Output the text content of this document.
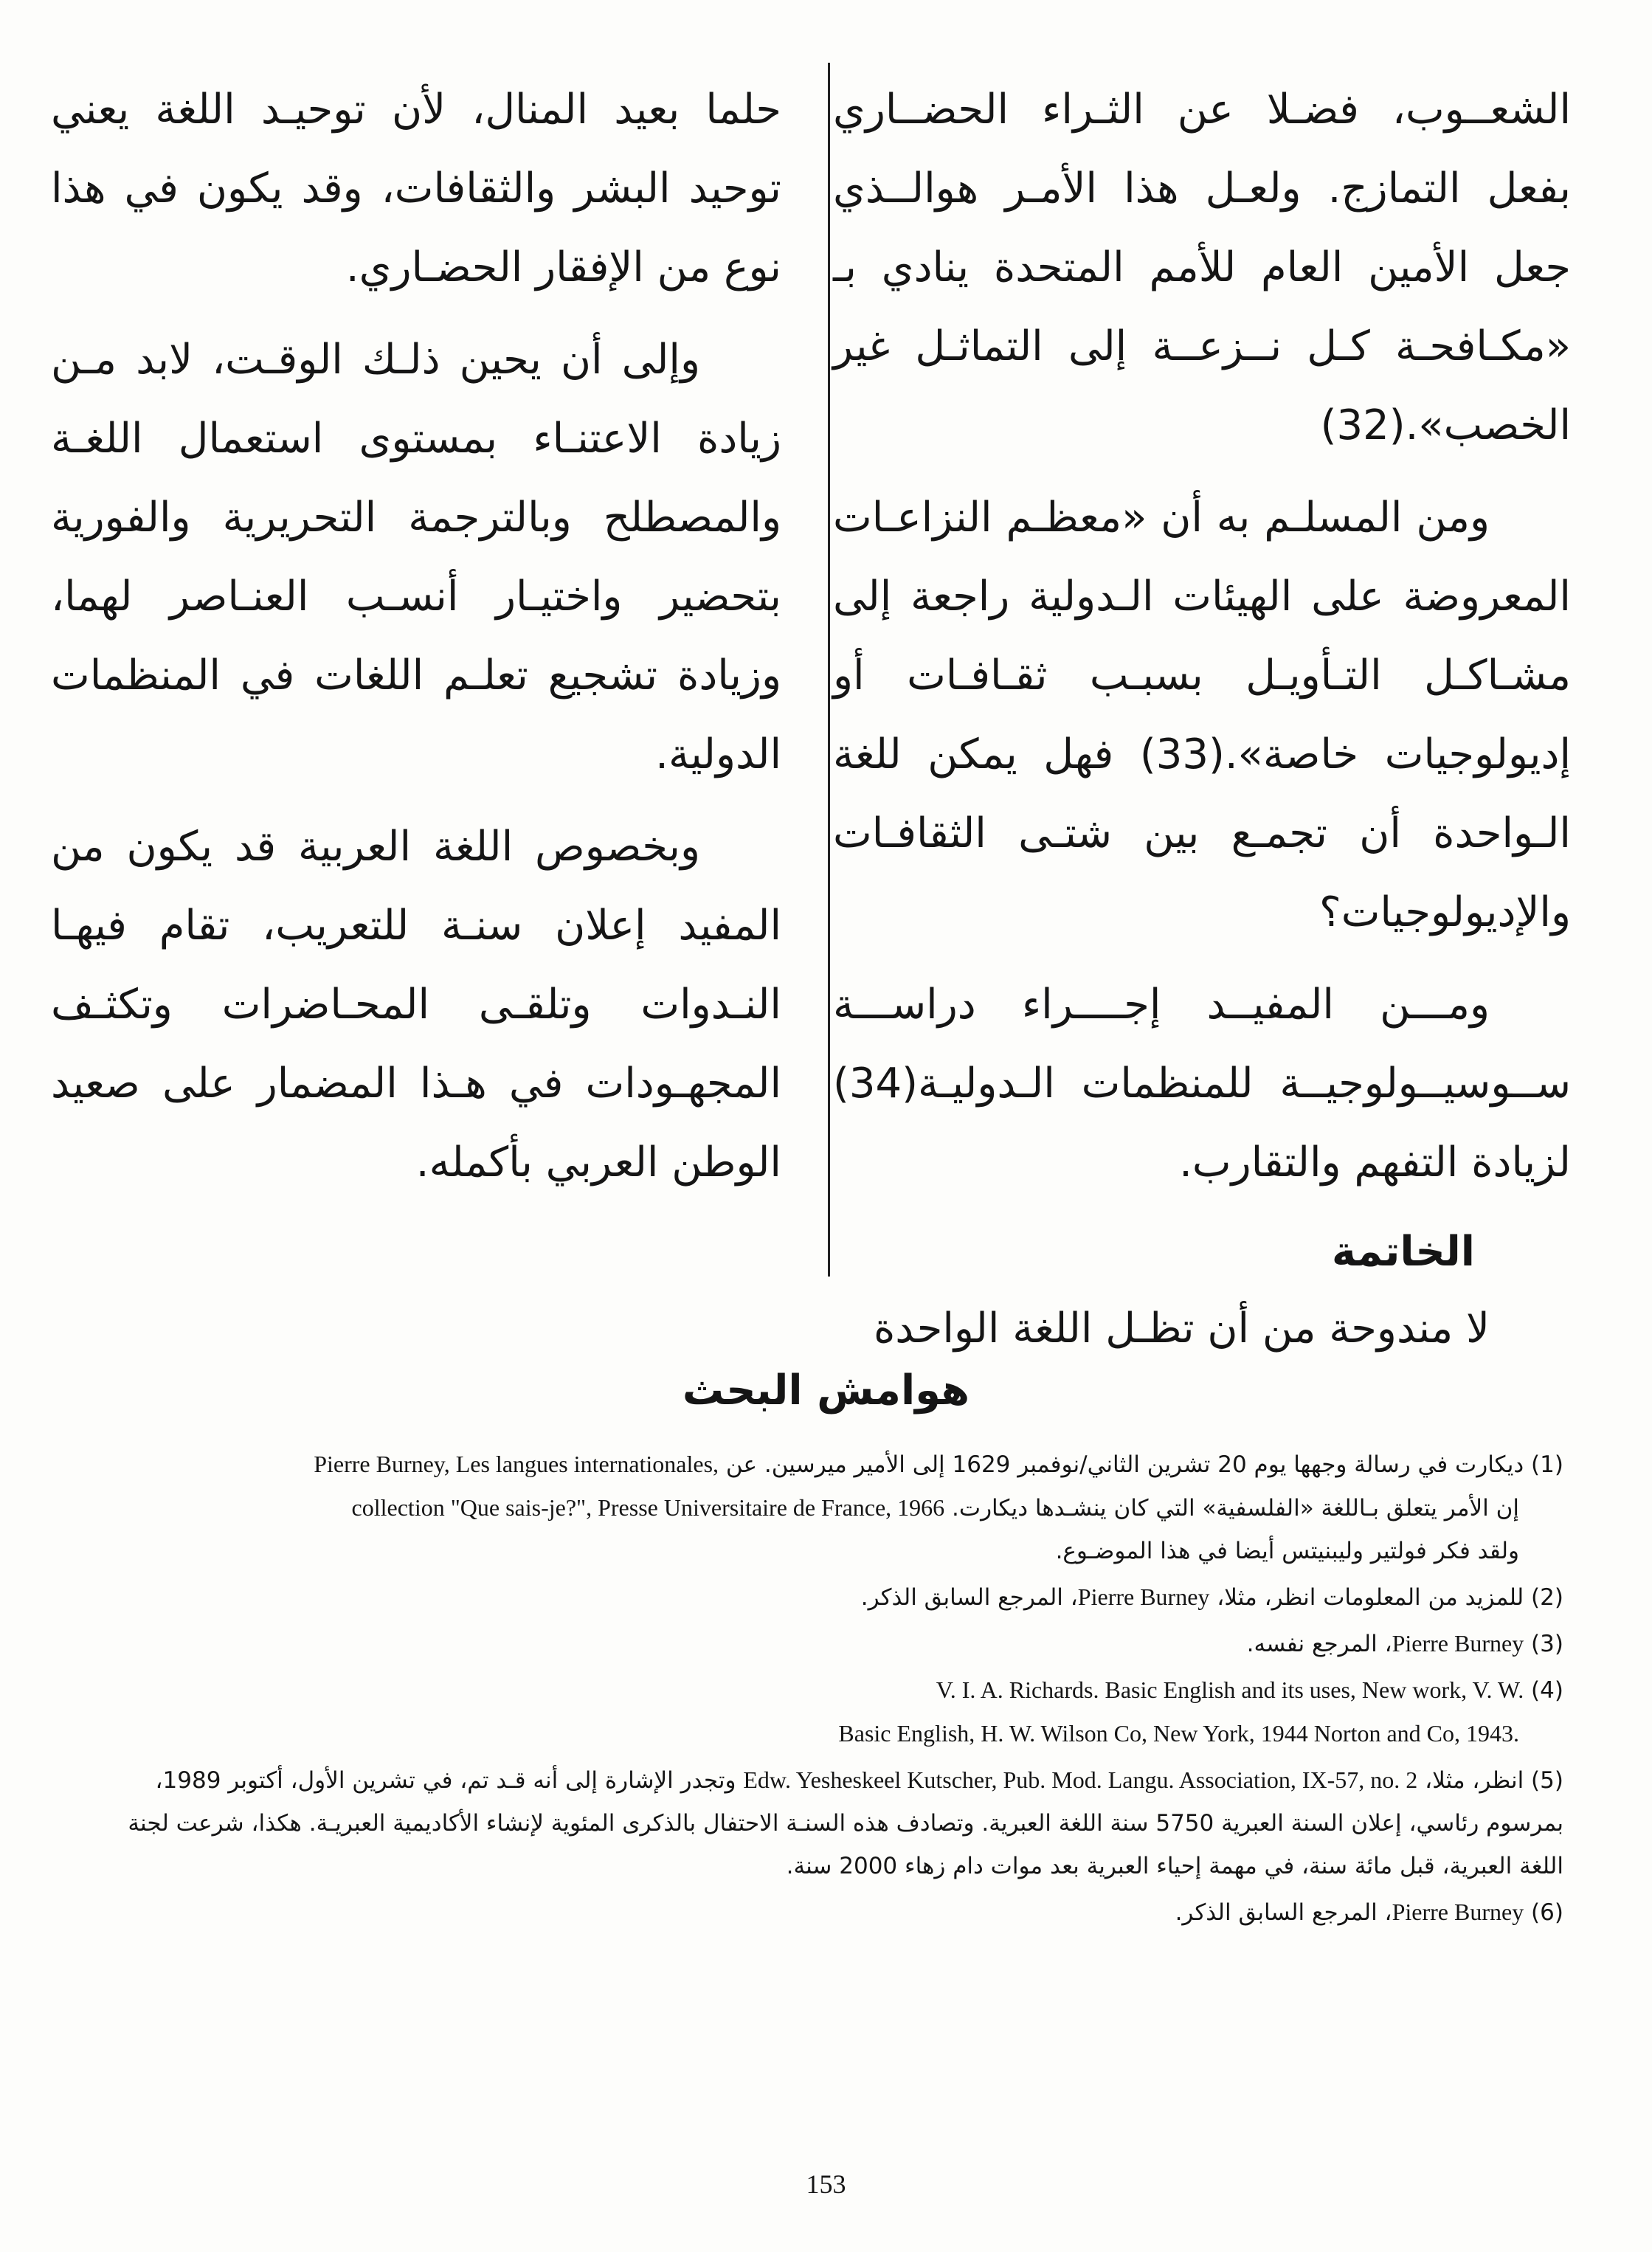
الشعــوب، فضـلا عن الثـراء الحضــاري بفعل التمازج. ولعـل هذا الأمـر هوالــذي جعل الأمين العام للأمم المتحدة ينادي بـ «مكـافحـة كـل نــزعــة إلى التماثـل غير الخصب».(32)

ومن المسلـم به أن «معظـم النزاعـات المعروضة على الهيئات الـدولية راجعة إلى مشـاكـل التـأويـل بسبـب ثقـافـات أو إديولوجيات خاصة».(33) فهل يمكن للغة الـواحدة أن تجمـع بين شتـى الثقافـات والإديولوجيات؟

ومـــن المفيــد إجــــراء دراســـة ســوسيــولوجيــة للمنظمات الـدوليـة(34) لزيادة التفهم والتقارب.

الخاتمة

لا مندوحة من أن تظـل اللغة الواحدة

حلما بعيد المنال، لأن توحيـد اللغة يعني توحيد البشر والثقافات، وقد يكون في هذا نوع من الإفقار الحضـاري.

وإلى أن يحين ذلـك الوقـت، لابد مـن زيادة الاعتنـاء بمستوى استعمال اللغـة والمصطلح وبالترجمة التحريرية والفورية بتحضير واختيـار أنسـب العنـاصر لهما، وزيادة تشجيع تعلـم اللغات في المنظمات الدولية.

وبخصوص اللغة العربية قد يكون من المفيد إعلان سنـة للتعريب، تقام فيهـا النـدوات وتلقـى المحـاضرات وتكثـف المجهـودات في هـذا المضمار على صعيد الوطن العربي بأكمله.

هوامش البحث
(1) ديكارت في رسالة وجهها يوم 20 تشرين الثاني/نوفمبر 1629 إلى الأمير ميرسين. عن Pierre Burney, Les langues internationales,
إن الأمر يتعلق بـاللغة «الفلسفية» التي كان ينشـدها ديكارت. collection "Que sais-je?", Presse Universitaire de France, 1966
ولقد فكر فولتير وليبنيتس أيضا في هذا الموضـوع.
(2) للمزيد من المعلومات انظر، مثلا، Pierre Burney، المرجع السابق الذكر.
(3) Pierre Burney، المرجع نفسه.
(4) V. I. A. Richards. Basic English and its uses, New work, V. W.
Basic English, H. W. Wilson Co, New York, 1944 Norton and Co, 1943.
(5) انظر، مثلا، Edw. Yesheskeel Kutscher, Pub. Mod. Langu. Association, IX-57, no. 2 وتجدر الإشارة إلى أنه قـد تم، في تشرين الأول، أكتوبر 1989، بمرسوم رئاسي، إعلان السنة العبرية 5750 سنة اللغة العبرية. وتصادف هذه السنـة الاحتفال بالذكرى المئوية لإنشاء الأكاديمية العبريـة. هكذا، شرعت لجنة اللغة العبرية، قبل مائة سنة، في مهمة إحياء العبرية بعد موات دام زهاء 2000 سنة.
(6) Pierre Burney، المرجع السابق الذكر.
153
